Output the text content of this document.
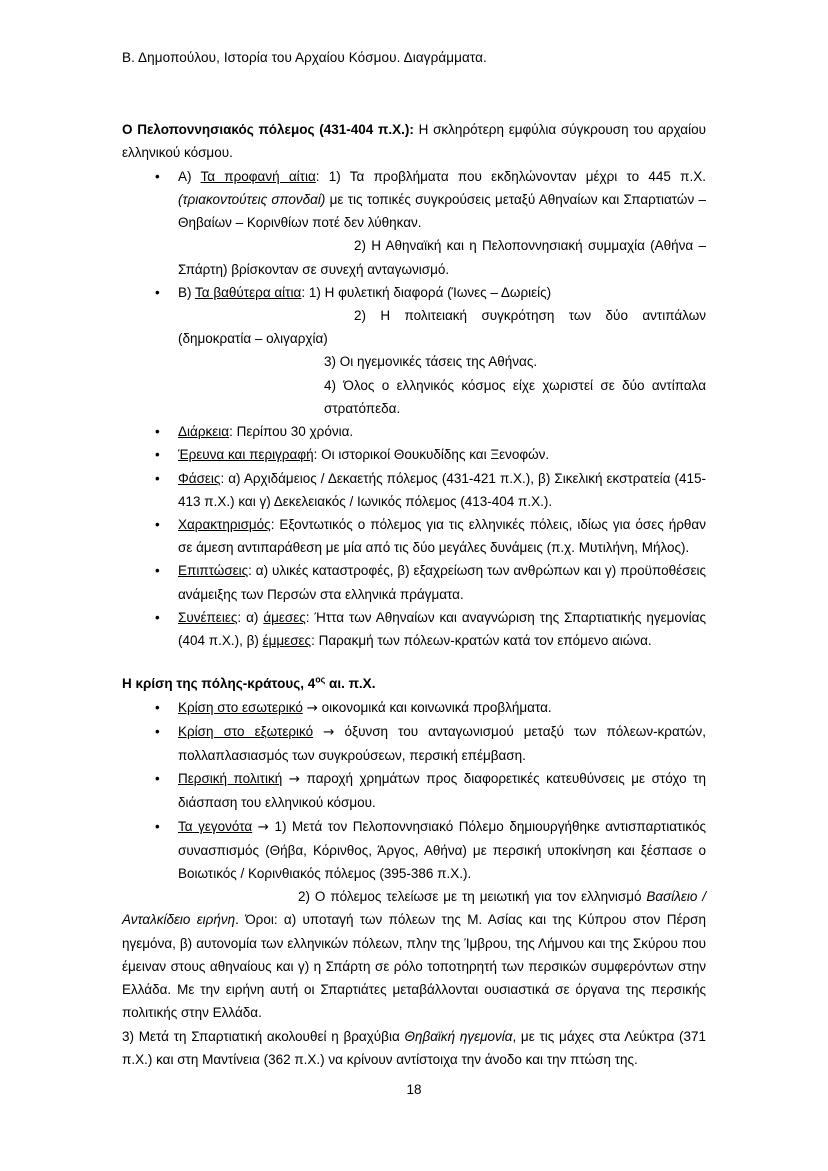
Β. Δημοπούλου, Ιστορία του Αρχαίου Κόσμου. Διαγράμματα.
Ο Πελοποννησιακός πόλεμος (431-404 π.Χ.): Η σκληρότερη εμφύλια σύγκρουση του αρχαίου ελληνικού κόσμου.
• Α) Τα προφανή αίτια: 1) Τα προβλήματα που εκδηλώνονταν μέχρι το 445 π.Χ. (τριακοντούτεις σπονδαί) με τις τοπικές συγκρούσεις μεταξύ Αθηναίων και Σπαρτιατών – Θηβαίων – Κορινθίων ποτέ δεν λύθηκαν.
2) Η Αθηναϊκή και η Πελοποννησιακή συμμαχία (Αθήνα – Σπάρτη) βρίσκονταν σε συνεχή ανταγωνισμό.
• Β) Τα βαθύτερα αίτια: 1) Η φυλετική διαφορά (Ίωνες – Δωριείς)
2) Η πολιτειακή συγκρότηση των δύο αντιπάλων (δημοκρατία – ολιγαρχία)
3) Οι ηγεμονικές τάσεις της Αθήνας.
4) Όλος ο ελληνικός κόσμος είχε χωριστεί σε δύο αντίπαλα στρατόπεδα.
• Διάρκεια: Περίπου 30 χρόνια.
• Έρευνα και περιγραφή: Οι ιστορικοί Θουκυδίδης και Ξενοφών.
• Φάσεις: α) Αρχιδάμειος / Δεκαετής πόλεμος (431-421 π.Χ.), β) Σικελική εκστρατεία (415-413 π.Χ.) και γ) Δεκελειακός / Ιωνικός πόλεμος (413-404 π.Χ.).
• Χαρακτηρισμός: Εξοντωτικός ο πόλεμος για τις ελληνικές πόλεις, ιδίως για όσες ήρθαν σε άμεση αντιπαράθεση με μία από τις δύο μεγάλες δυνάμεις (π.χ. Μυτιλήνη, Μήλος).
• Επιπτώσεις: α) υλικές καταστροφές, β) εξαχρείωση των ανθρώπων και γ) προϋποθέσεις ανάμειξης των Περσών στα ελληνικά πράγματα.
• Συνέπειες: α) άμεσες: Ήττα των Αθηναίων και αναγνώριση της Σπαρτιατικής ηγεμονίας (404 π.Χ.), β) έμμεσες: Παρακμή των πόλεων-κρατών κατά τον επόμενο αιώνα.
Η κρίση της πόλης-κράτους, $4^{o\varsigma}$ αι. π.Χ.
• Κρίση στο εσωτερικό → οικονομικά και κοινωνικά προβλήματα.
• Κρίση στο εξωτερικό → όξυνση του ανταγωνισμού μεταξύ των πόλεων-κρατών, πολλαπλασιασμός των συγκρούσεων, περσική επέμβαση.
• Περσική πολιτική → παροχή χρημάτων προς διαφορετικές κατευθύνσεις με στόχο τη διάσπαση του ελληνικού κόσμου.
• Τα γεγονότα → 1) Μετά τον Πελοποννησιακό Πόλεμο δημιουργήθηκε αντισπαρτιατικός συνασπισμός (Θήβα, Κόρινθος, Άργος, Αθήνα) με περσική υποκίνηση και ξέσπασε ο Βοιωτικός / Κορινθιακός πόλεμος (395-386 π.Χ.).
2) Ο πόλεμος τελείωσε με τη μειωτική για τον ελληνισμό Βασίλειο / Ανταλκίδειο ειρήνη. Όροι: α) υποταγή των πόλεων της Μ. Ασίας και της Κύπρου στον Πέρση ηγεμόνα, β) αυτονομία των ελληνικών πόλεων, πλην της Ίμβρου, της Λήμνου και της Σκύρου που έμειναν στους αθηναίους και γ) η Σπάρτη σε ρόλο τοποτηρητή των περσικών συμφερόντων στην Ελλάδα. Με την ειρήνη αυτή οι Σπαρτιάτες μεταβάλλονται ουσιαστικά σε όργανα της περσικής πολιτικής στην Ελλάδα.
3) Μετά τη Σπαρτιατική ακολουθεί η βραχύβια Θηβαϊκή ηγεμονία, με τις μάχες στα Λεύκτρα (371 π.Χ.) και στη Μαντίνεια (362 π.Χ.) να κρίνουν αντίστοιχα την άνοδο και την πτώση της.
18
